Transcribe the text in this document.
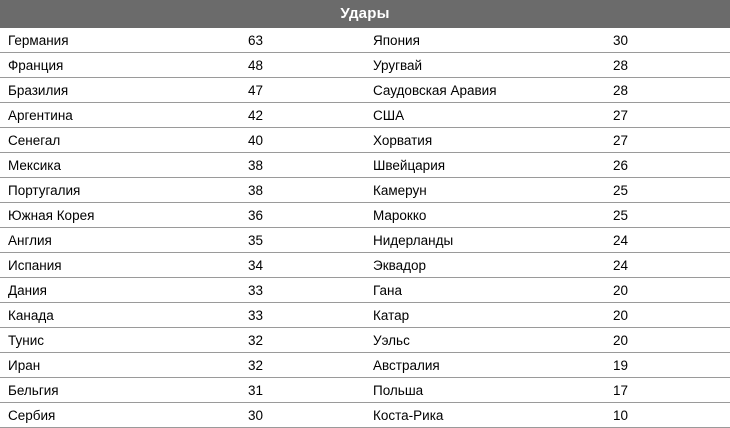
Удары
Германия	63	Япония	30
Франция	48	Уругвай	28
Бразилия	47	Саудовская Аравия	28
Аргентина	42	США	27
Сенегал	40	Хорватия	27
Мексика	38	Швейцария	26
Португалия	38	Камерун	25
Южная Корея	36	Марокко	25
Англия	35	Нидерланды	24
Испания	34	Эквадор	24
Дания	33	Гана	20
Канада	33	Катар	20
Тунис	32	Уэльс	20
Иран	32	Австралия	19
Бельгия	31	Польша	17
Сербия	30	Коста-Рика	10
